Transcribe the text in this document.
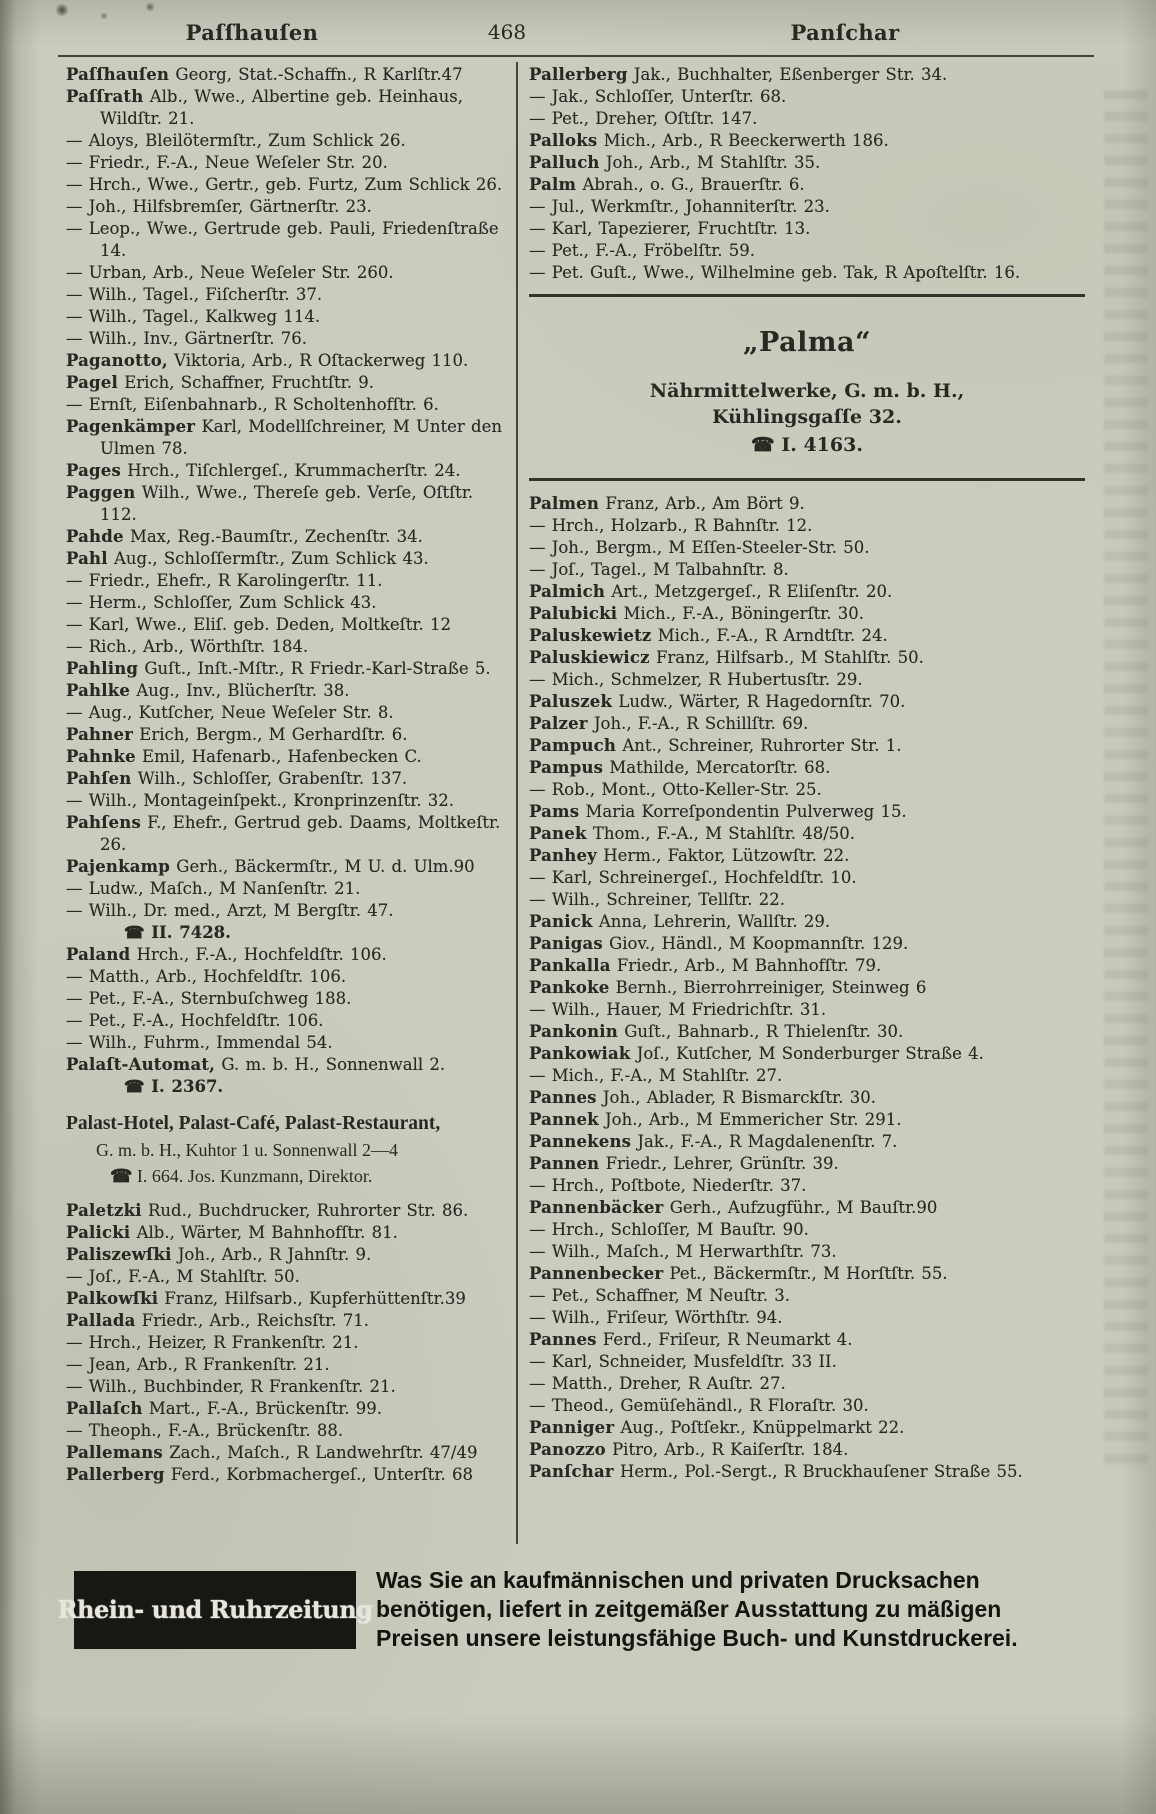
Paſſhauſen	468	Panſchar

Paſſhauſen Georg, Stat.-Schaffn., R Karlſtr.47

Paſſrath Alb., Wwe., Albertine geb. Heinhaus, Wildſtr. 21.

— Aloys, Bleilötermſtr., Zum Schlick 26.

— Friedr., F.-A., Neue Weſeler Str. 20.

— Hrch., Wwe., Gertr., geb. Furtz, Zum Schlick 26.

— Joh., Hilfsbremſer, Gärtnerſtr. 23.

— Leop., Wwe., Gertrude geb. Pauli, Friedenſtraße 14.

— Urban, Arb., Neue Weſeler Str. 260.

— Wilh., Tagel., Fiſcherſtr. 37.

— Wilh., Tagel., Kalkweg 114.

— Wilh., Inv., Gärtnerſtr. 76.

Paganotto, Viktoria, Arb., R Oſtackerweg 110.

Pagel Erich, Schaffner, Fruchtſtr. 9.

— Ernſt, Eiſenbahnarb., R Scholtenhofſtr. 6.

Pagenkämper Karl, Modellſchreiner, M Unter den Ulmen 78.

Pages Hrch., Tiſchlergeſ., Krummacherſtr. 24.

Paggen Wilh., Wwe., Thereſe geb. Verſe, Oſtſtr. 112.

Pahde Max, Reg.-Baumſtr., Zechenſtr. 34.

Pahl Aug., Schloſſermſtr., Zum Schlick 43.

— Friedr., Ehefr., R Karolingerſtr. 11.

— Herm., Schloſſer, Zum Schlick 43.

— Karl, Wwe., Eliſ. geb. Deden, Moltkeſtr. 12

— Rich., Arb., Wörthſtr. 184.

Pahling Guſt., Inſt.-Mſtr., R Friedr.-Karl-Straße 5.

Pahlke Aug., Inv., Blücherſtr. 38.

— Aug., Kutſcher, Neue Weſeler Str. 8.

Pahner Erich, Bergm., M Gerhardſtr. 6.

Pahnke Emil, Hafenarb., Hafenbecken C.

Pahſen Wilh., Schloſſer, Grabenſtr. 137.

— Wilh., Montageinſpekt., Kronprinzenſtr. 32.

Pahſens F., Ehefr., Gertrud geb. Daams, Moltkeſtr. 26.

Pajenkamp Gerh., Bäckermſtr., M U. d. Ulm.90

— Ludw., Maſch., M Nanſenſtr. 21.

— Wilh., Dr. med., Arzt, M Bergſtr. 47.

☎ II. 7428.

Paland Hrch., F.-A., Hochfeldſtr. 106.

— Matth., Arb., Hochfeldſtr. 106.

— Pet., F.-A., Sternbuſchweg 188.

— Pet., F.-A., Hochfeldſtr. 106.

— Wilh., Fuhrm., Immendal 54.

Palaſt-Automat, G. m. b. H., Sonnenwall 2.

☎ I. 2367.

Palast-Hotel, Palast-Café, Palast-Restaurant,

G. m. b. H., Kuhtor 1 u. Sonnenwall 2—4

☎ I. 664. Jos. Kunzmann, Direktor.

Paletzki Rud., Buchdrucker, Ruhrorter Str. 86.

Palicki Alb., Wärter, M Bahnhofſtr. 81.

Paliszewſki Joh., Arb., R Jahnſtr. 9.

— Joſ., F.-A., M Stahlſtr. 50.

Palkowſki Franz, Hilfsarb., Kupferhüttenſtr.39

Pallada Friedr., Arb., Reichsſtr. 71.

— Hrch., Heizer, R Frankenſtr. 21.

— Jean, Arb., R Frankenſtr. 21.

— Wilh., Buchbinder, R Frankenſtr. 21.

Pallaſch Mart., F.-A., Brückenſtr. 99.

— Theoph., F.-A., Brückenſtr. 88.

Pallemans Zach., Maſch., R Landwehrſtr. 47/49

Pallerberg Ferd., Korbmachergeſ., Unterſtr. 68

Pallerberg Jak., Buchhalter, Eßenberger Str. 34.

— Jak., Schloſſer, Unterſtr. 68.

— Pet., Dreher, Oſtſtr. 147.

Palloks Mich., Arb., R Beeckerwerth 186.

Palluch Joh., Arb., M Stahlſtr. 35.

Palm Abrah., o. G., Brauerſtr. 6.

— Jul., Werkmſtr., Johanniterſtr. 23.

— Karl, Tapezierer, Fruchtſtr. 13.

— Pet., F.-A., Fröbelſtr. 59.

— Pet. Guſt., Wwe., Wilhelmine geb. Tak, R Apoſtelſtr. 16.

„Palma“

Nährmittelwerke, G. m. b. H.,

Kühlingsgaſſe 32.

☎ I. 4163.

Palmen Franz, Arb., Am Bört 9.

— Hrch., Holzarb., R Bahnſtr. 12.

— Joh., Bergm., M Eſſen-Steeler-Str. 50.

— Joſ., Tagel., M Talbahnſtr. 8.

Palmich Art., Metzgergeſ., R Eliſenſtr. 20.

Palubicki Mich., F.-A., Böningerſtr. 30.

Paluskewietz Mich., F.-A., R Arndtſtr. 24.

Paluskiewicz Franz, Hilfsarb., M Stahlſtr. 50.

— Mich., Schmelzer, R Hubertusſtr. 29.

Paluszek Ludw., Wärter, R Hagedornſtr. 70.

Palzer Joh., F.-A., R Schillſtr. 69.

Pampuch Ant., Schreiner, Ruhrorter Str. 1.

Pampus Mathilde, Mercatorſtr. 68.

— Rob., Mont., Otto-Keller-Str. 25.

Pams Maria Korreſpondentin Pulverweg 15.

Panek Thom., F.-A., M Stahlſtr. 48/50.

Panhey Herm., Faktor, Lützowſtr. 22.

— Karl, Schreinergeſ., Hochfeldſtr. 10.

— Wilh., Schreiner, Tellſtr. 22.

Panick Anna, Lehrerin, Wallſtr. 29.

Panigas Giov., Händl., M Koopmannſtr. 129.

Pankalla Friedr., Arb., M Bahnhofſtr. 79.

Pankoke Bernh., Bierrohrreiniger, Steinweg 6

— Wilh., Hauer, M Friedrichſtr. 31.

Pankonin Guſt., Bahnarb., R Thielenſtr. 30.

Pankowiak Joſ., Kutſcher, M Sonderburger Straße 4.

— Mich., F.-A., M Stahlſtr. 27.

Pannes Joh., Ablader, R Bismarckſtr. 30.

Pannek Joh., Arb., M Emmericher Str. 291.

Pannekens Jak., F.-A., R Magdalenenſtr. 7.

Pannen Friedr., Lehrer, Grünſtr. 39.

— Hrch., Poſtbote, Niederſtr. 37.

Pannenbäcker Gerh., Aufzugführ., M Bauſtr.90

— Hrch., Schloſſer, M Bauſtr. 90.

— Wilh., Maſch., M Herwarthſtr. 73.

Pannenbecker Pet., Bäckermſtr., M Horſtſtr. 55.

— Pet., Schaffner, M Neuſtr. 3.

— Wilh., Friſeur, Wörthſtr. 94.

Pannes Ferd., Friſeur, R Neumarkt 4.

— Karl, Schneider, Musfeldſtr. 33 II.

— Matth., Dreher, R Auſtr. 27.

— Theod., Gemüſehändl., R Floraſtr. 30.

Panniger Aug., Poſtſekr., Knüppelmarkt 22.

Panozzo Pitro, Arb., R Kaiſerſtr. 184.

Panſchar Herm., Pol.-Sergt., R Bruckhauſener Straße 55.

Rhein- und Ruhrzeitung

Was Sie an kaufmännischen und privaten Drucksachen

benötigen, liefert in zeitgemäßer Ausstattung zu mäßigen

Preisen unsere leistungsfähige Buch- und Kunstdruckerei.
